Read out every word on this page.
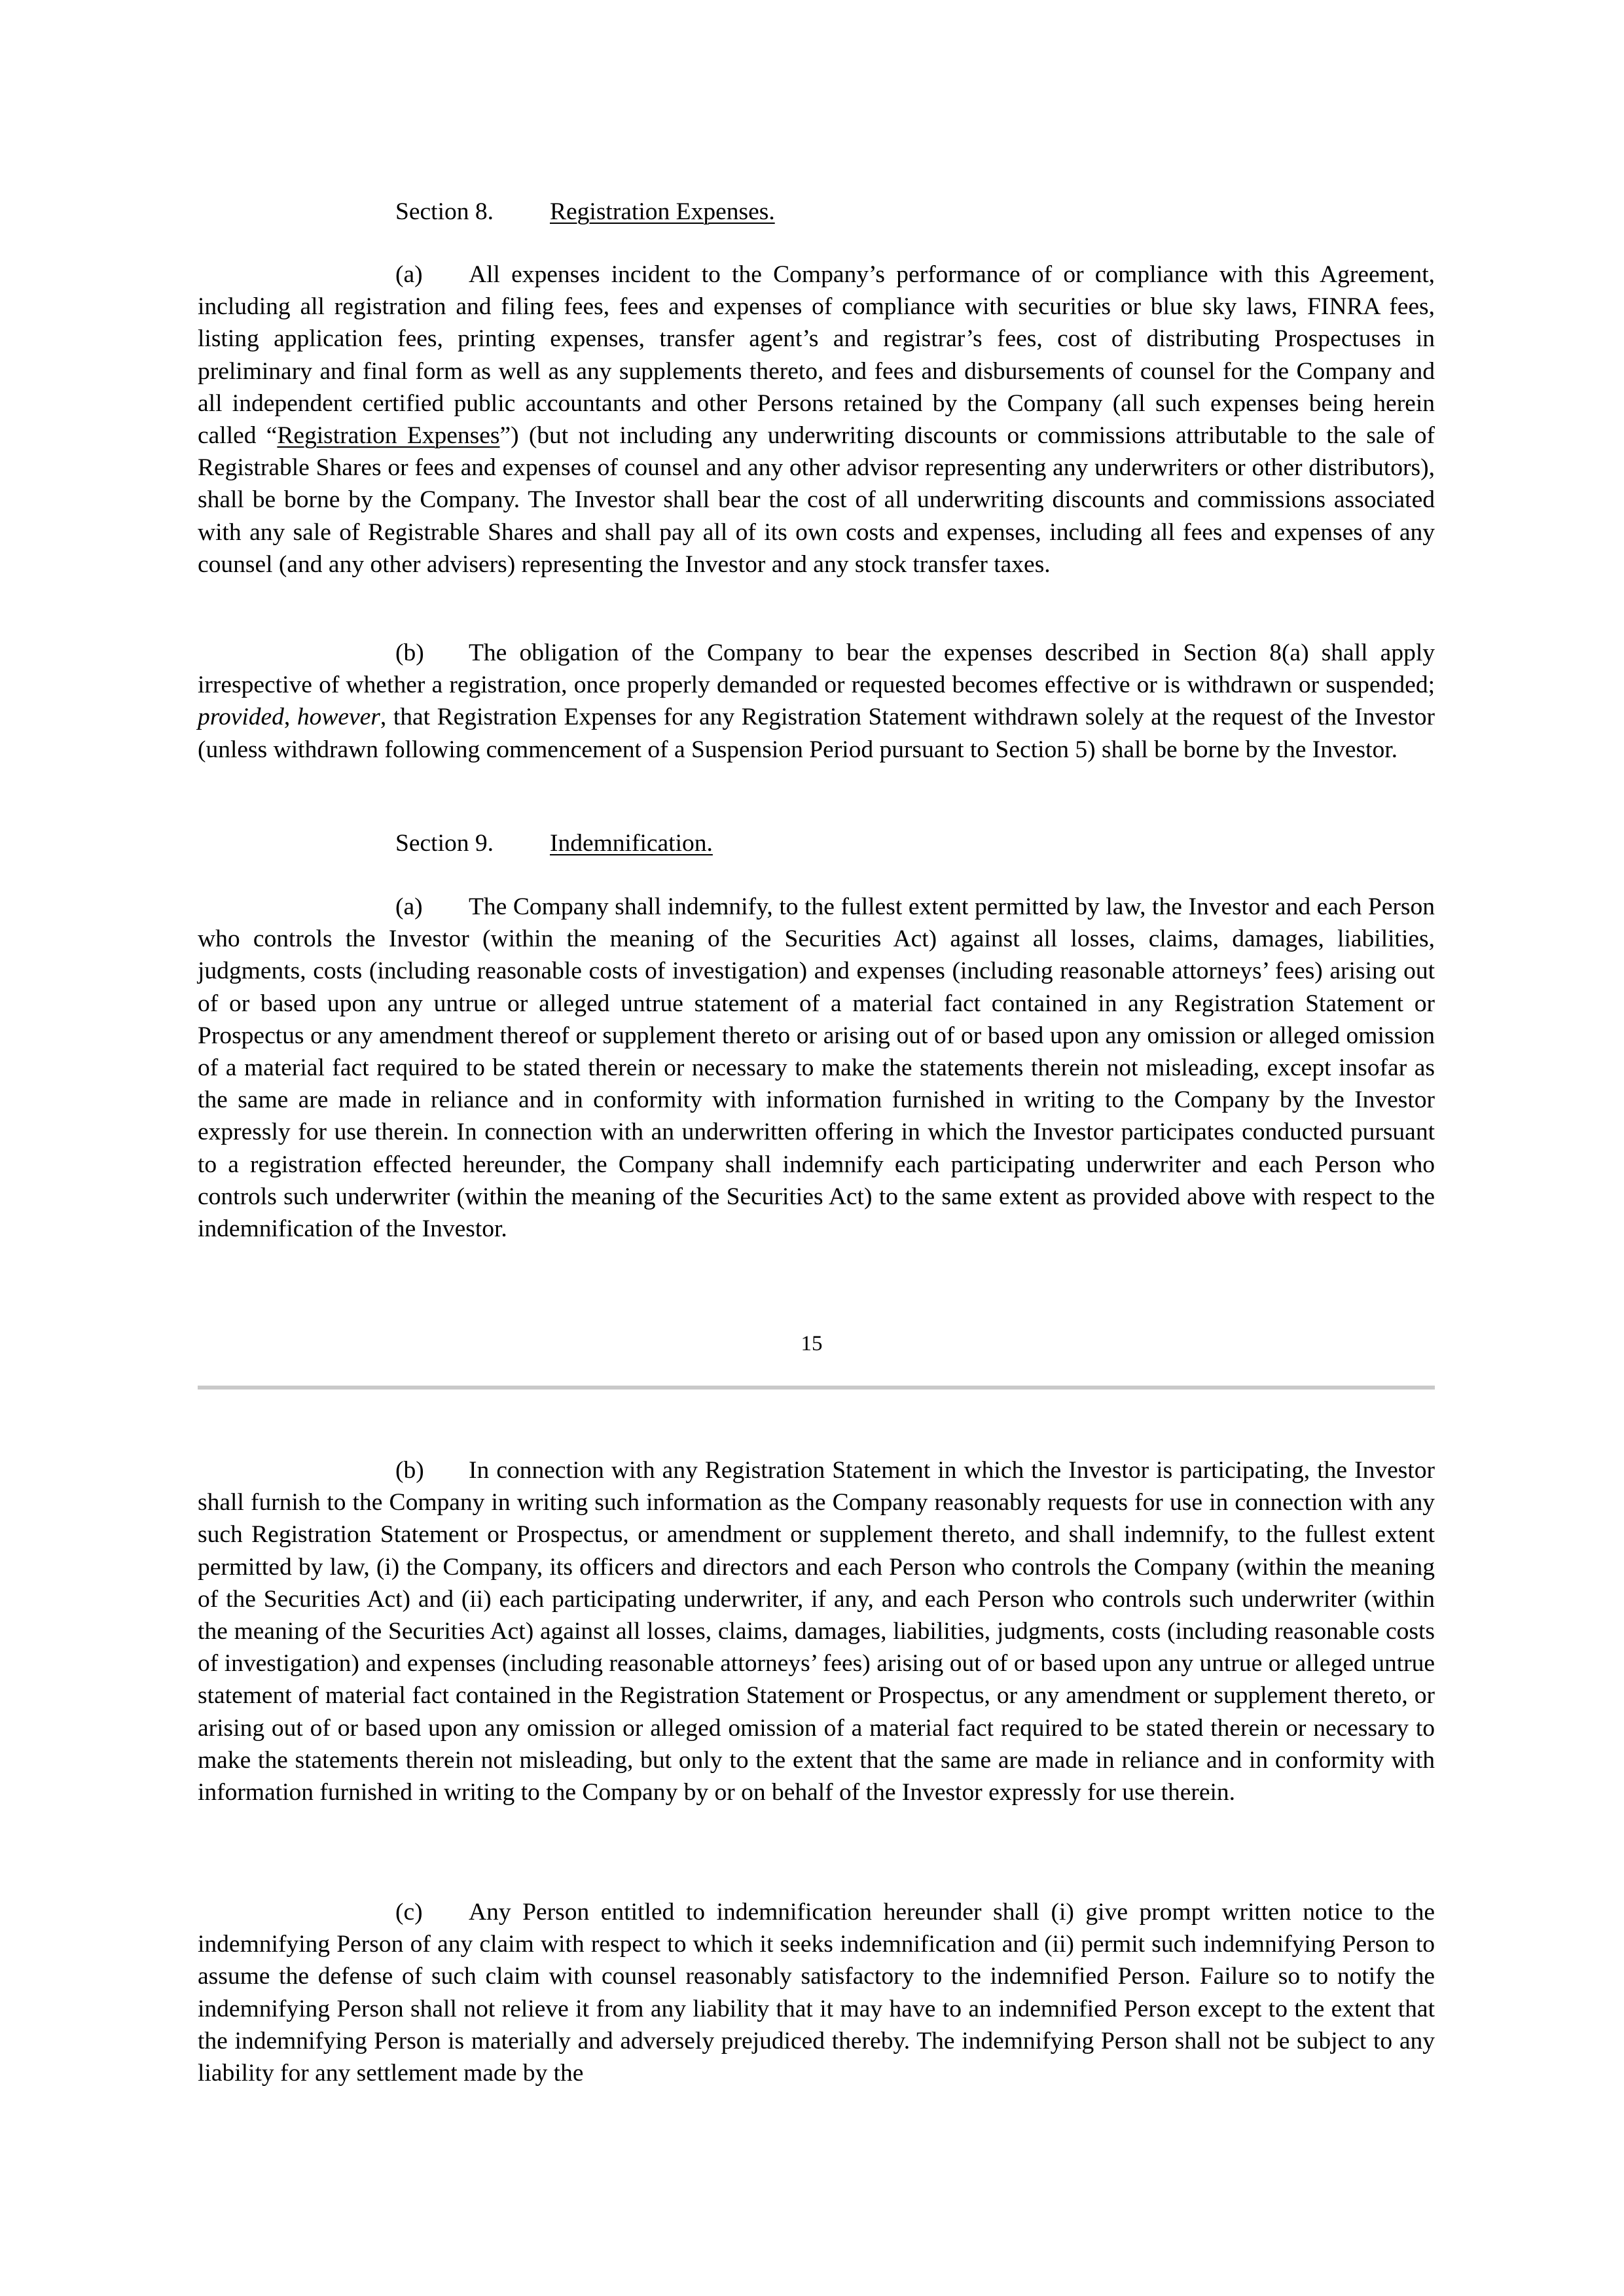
Section 8. Registration Expenses.

(a) All expenses incident to the Company’s performance of or compliance with this Agreement, including all registration and filing fees, fees and expenses of compliance with securities or blue sky laws, FINRA fees, listing application fees, printing expenses, transfer agent’s and registrar’s fees, cost of distributing Prospectuses in preliminary and final form as well as any supplements thereto, and fees and disbursements of counsel for the Company and all independent certified public accountants and other Persons retained by the Company (all such expenses being herein called “Registration Expenses”) (but not including any underwriting discounts or commissions attributable to the sale of Registrable Shares or fees and expenses of counsel and any other advisor representing any underwriters or other distributors), shall be borne by the Company. The Investor shall bear the cost of all underwriting discounts and commissions associated with any sale of Registrable Shares and shall pay all of its own costs and expenses, including all fees and expenses of any counsel (and any other advisers) representing the Investor and any stock transfer taxes.

(b) The obligation of the Company to bear the expenses described in Section 8(a) shall apply irrespective of whether a registration, once properly demanded or requested becomes effective or is withdrawn or suspended; provided, however, that Registration Expenses for any Registration Statement withdrawn solely at the request of the Investor (unless withdrawn following commencement of a Suspension Period pursuant to Section 5) shall be borne by the Investor.

Section 9. Indemnification.

(a) The Company shall indemnify, to the fullest extent permitted by law, the Investor and each Person who controls the Investor (within the meaning of the Securities Act) against all losses, claims, damages, liabilities, judgments, costs (including reasonable costs of investigation) and expenses (including reasonable attorneys’ fees) arising out of or based upon any untrue or alleged untrue statement of a material fact contained in any Registration Statement or Prospectus or any amendment thereof or supplement thereto or arising out of or based upon any omission or alleged omission of a material fact required to be stated therein or necessary to make the statements therein not misleading, except insofar as the same are made in reliance and in conformity with information furnished in writing to the Company by the Investor expressly for use therein. In connection with an underwritten offering in which the Investor participates conducted pursuant to a registration effected hereunder, the Company shall indemnify each participating underwriter and each Person who controls such underwriter (within the meaning of the Securities Act) to the same extent as provided above with respect to the indemnification of the Investor.

15

(b) In connection with any Registration Statement in which the Investor is participating, the Investor shall furnish to the Company in writing such information as the Company reasonably requests for use in connection with any such Registration Statement or Prospectus, or amendment or supplement thereto, and shall indemnify, to the fullest extent permitted by law, (i) the Company, its officers and directors and each Person who controls the Company (within the meaning of the Securities Act) and (ii) each participating underwriter, if any, and each Person who controls such underwriter (within the meaning of the Securities Act) against all losses, claims, damages, liabilities, judgments, costs (including reasonable costs of investigation) and expenses (including reasonable attorneys’ fees) arising out of or based upon any untrue or alleged untrue statement of material fact contained in the Registration Statement or Prospectus, or any amendment or supplement thereto, or arising out of or based upon any omission or alleged omission of a material fact required to be stated therein or necessary to make the statements therein not misleading, but only to the extent that the same are made in reliance and in conformity with information furnished in writing to the Company by or on behalf of the Investor expressly for use therein.

(c) Any Person entitled to indemnification hereunder shall (i) give prompt written notice to the indemnifying Person of any claim with respect to which it seeks indemnification and (ii) permit such indemnifying Person to assume the defense of such claim with counsel reasonably satisfactory to the indemnified Person. Failure so to notify the indemnifying Person shall not relieve it from any liability that it may have to an indemnified Person except to the extent that the indemnifying Person is materially and adversely prejudiced thereby. The indemnifying Person shall not be subject to any liability for any settlement made by the
